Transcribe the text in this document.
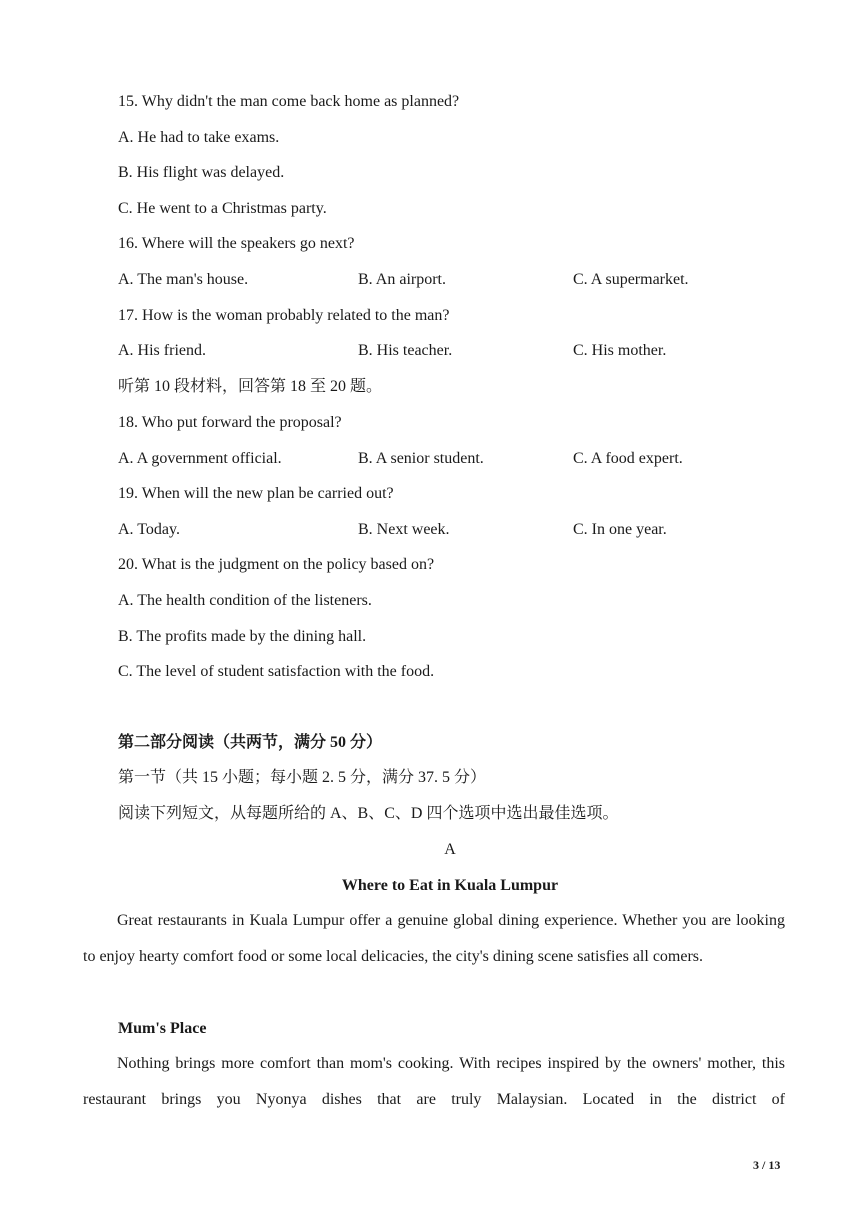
15. Why didn't the man come back home as planned?
A. He had to take exams.
B. His flight was delayed.
C. He went to a Christmas party.
16. Where will the speakers go next?
A. The man's house.	B. An airport.	C. A supermarket.
17. How is the woman probably related to the man?
A. His friend.	B. His teacher.	C. His mother.
听第 10 段材料，回答第 18 至 20 题。
18. Who put forward the proposal?
A. A government official.	B. A senior student.	C. A food expert.
19. When will the new plan be carried out?
A. Today.	B. Next week.	C. In one year.
20. What is the judgment on the policy based on?
A. The health condition of the listeners.
B. The profits made by the dining hall.
C. The level of student satisfaction with the food.
第二部分阅读（共两节，满分 50 分）
第一节（共 15 小题；每小题 2. 5 分，满分 37. 5 分）
阅读下列短文，从每题所给的 A、B、C、D 四个选项中选出最佳选项。
A
Where to Eat in Kuala Lumpur
Great restaurants in Kuala Lumpur offer a genuine global dining experience. Whether you are looking to enjoy hearty comfort food or some local delicacies, the city's dining scene satisfies all comers.
Mum's Place
Nothing brings more comfort than mom's cooking. With recipes inspired by the owners' mother, this restaurant brings you Nyonya dishes that are truly Malaysian. Located in the district of
3 / 13
